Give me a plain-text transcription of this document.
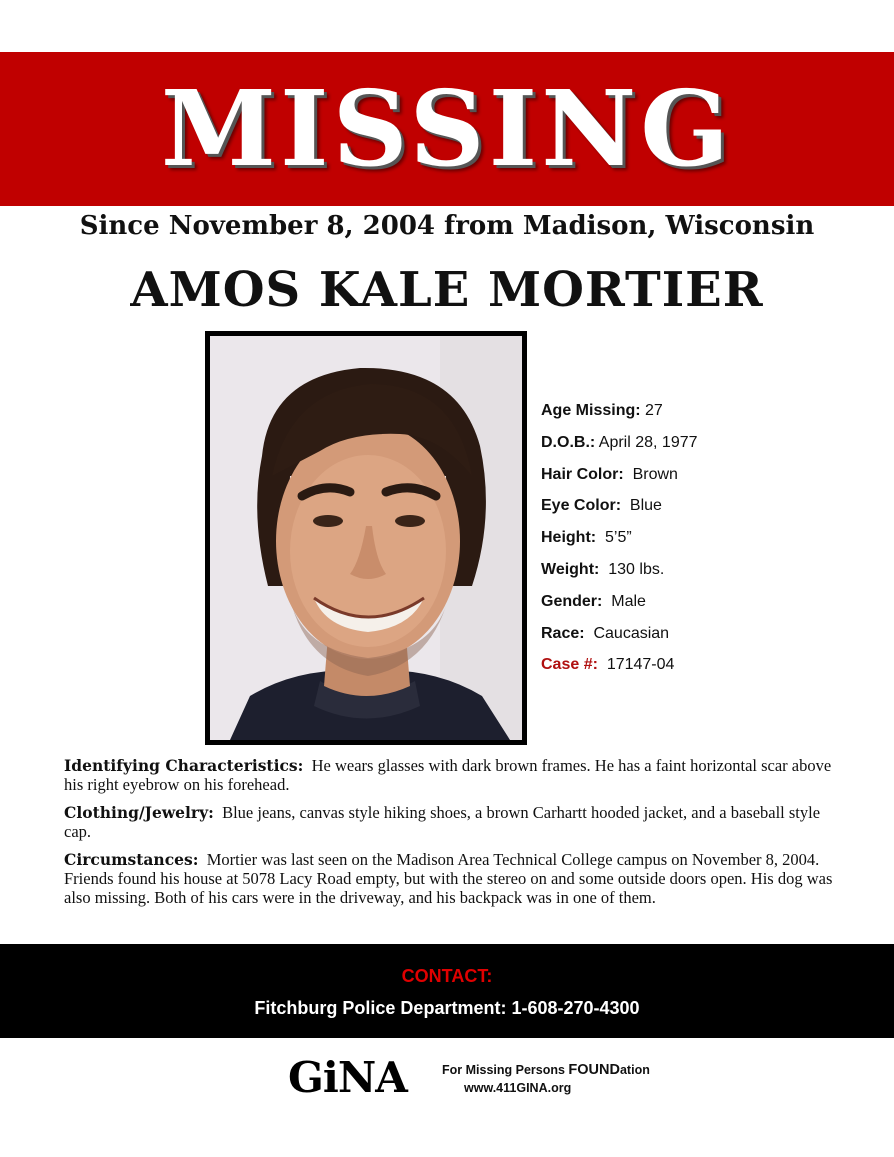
MISSING
Since November 8, 2004 from Madison, Wisconsin
AMOS KALE MORTIER
Age Missing: 27
D.O.B.: April 28, 1977
Hair Color: Brown
Eye Color: Blue
Height: 5’5”
Weight: 130 lbs.
Gender: Male
Race: Caucasian
Case #: 17147-04

Identifying Characteristics: He wears glasses with dark brown frames. He has a faint horizontal scar above his right eyebrow on his forehead.

Clothing/Jewelry: Blue jeans, canvas style hiking shoes, a brown Carhartt hooded jacket, and a baseball style cap.

Circumstances: Mortier was last seen on the Madison Area Technical College campus on November 8, 2004. Friends found his house at 5078 Lacy Road empty, but with the stereo on and some outside doors open. His dog was also missing. Both of his cars were in the driveway, and his backpack was in one of them.

CONTACT:
Fitchburg Police Department: 1-608-270-4300
GiNA	For Missing Persons FOUNDation
www.411GINA.org
